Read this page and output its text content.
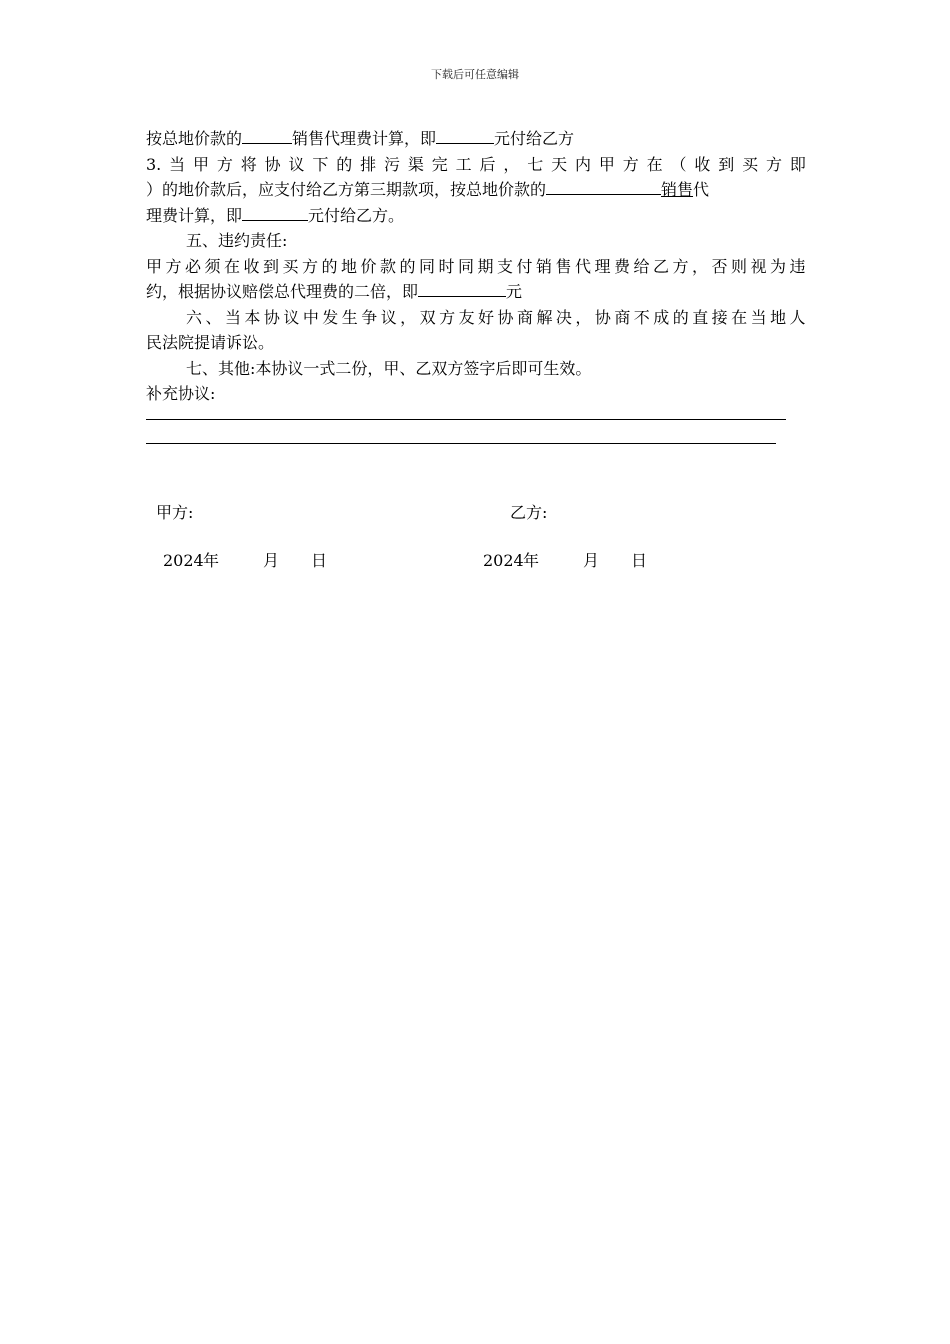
下载后可任意编辑
按总地价款的	销售代理费计算，即	元付给乙方
3. 当 甲 方 将 协 议 下 的 排 污 渠 完 工 后 ， 七 天 内 甲 方 在 （ 收 到 买 方 即
）的地价款后，应支付给乙方第三期款项，按总地价款的	销售代
理费计算，即	元付给乙方。
五、违约责任:
甲 方 必 须 在 收 到 买 方 的 地 价 款 的 同 时 同 期 支 付 销 售 代 理 费 给 乙 方 ， 否 则 视 为 违
约，根据协议赔偿总代理费的二倍，即	元
六 、 当 本 协 议 中 发 生 争 议 ， 双 方 友 好 协 商 解 决 ， 协 商 不 成 的 直 接 在 当 地 人
民法院提请诉讼。
七、其他:本协议一式二份，甲、乙双方签字后即可生效。
补充协议:
甲方:	乙方:
2024年	月 日	2024年	月 日
